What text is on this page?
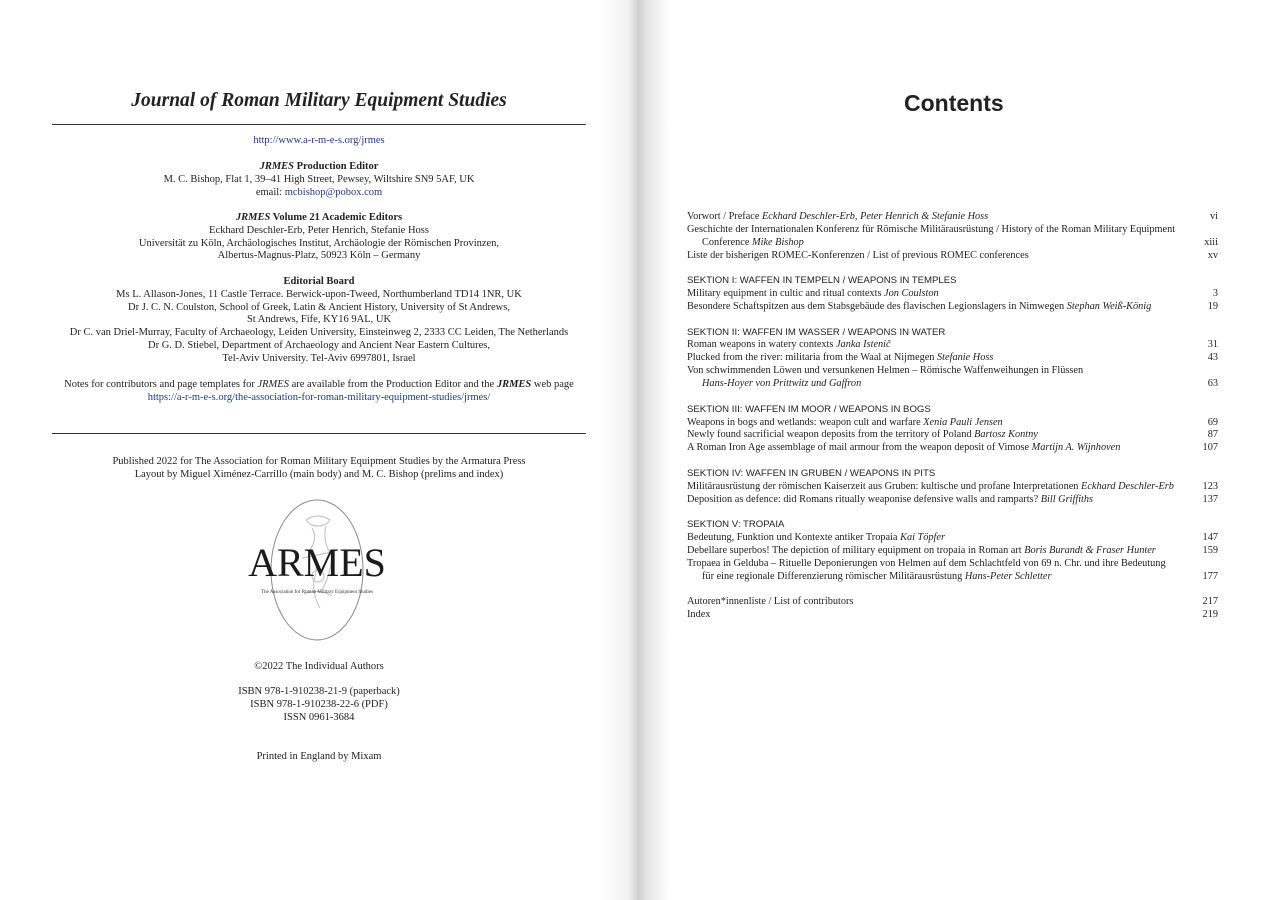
Journal of Roman Military Equipment Studies
http://www.a-r-m-e-s.org/jrmes
JRMES Production Editor
M. C. Bishop, Flat 1, 39–41 High Street, Pewsey, Wiltshire SN9 5AF, UK
email: mcbishop@pobox.com
JRMES Volume 21 Academic Editors
Eckhard Deschler-Erb, Peter Henrich, Stefanie Hoss
Universität zu Köln, Archäologisches Institut, Archäologie der Römischen Provinzen,
Albertus-Magnus-Platz, 50923 Köln – Germany
Editorial Board
Ms L. Allason-Jones, 11 Castle Terrace. Berwick-upon-Tweed, Northumberland TD14 1NR, UK
Dr J. C. N. Coulston, School of Greek, Latin & Ancient History, University of St Andrews,
St Andrews, Fife, KY16 9AL, UK
Dr C. van Driel-Murray, Faculty of Archaeology, Leiden University, Einsteinweg 2, 2333 CC Leiden, The Netherlands
Dr G. D. Stiebel, Department of Archaeology and Ancient Near Eastern Cultures,
Tel-Aviv University. Tel-Aviv 6997801, Israel
Notes for contributors and page templates for JRMES are available from the Production Editor and the JRMES web page
https://a-r-m-e-s.org/the-association-for-roman-military-equipment-studies/jrmes/
Published 2022 for The Association for Roman Military Equipment Studies by the Armatura Press
Layout by Miguel Ximénez-Carrillo (main body) and M. C. Bishop (prelims and index)
ARMES
The Association for Roman Military Equipment Studies
©2022 The Individual Authors
ISBN 978-1-910238-21-9 (paperback)
ISBN 978-1-910238-22-6 (PDF)
ISSN 0961-3684
Printed in England by Mixam
Contents
Vorwort / Preface Eckhard Deschler-Erb, Peter Henrich & Stefanie Hoss	vi
Geschichte der Internationalen Konferenz für Römische Militärausrüstung / History of the Roman Military Equipment
Conference Mike Bishop	xiii
Liste der bisherigen ROMEC-Konferenzen / List of previous ROMEC conferences	xv
SEKTION I: WAFFEN IN TEMPELN / WEAPONS IN TEMPLES
Military equipment in cultic and ritual contexts Jon Coulston	3
Besondere Schaftspitzen aus dem Stabsgebäude des flavischen Legionslagers in Nimwegen Stephan Weiß-König	19
SEKTION II: WAFFEN IM WASSER / WEAPONS IN WATER
Roman weapons in watery contexts Janka Istenič	31
Plucked from the river: militaria from the Waal at Nijmegen Stefanie Hoss	43
Von schwimmenden Löwen und versunkenen Helmen – Römische Waffenweihungen in Flüssen
Hans-Hoyer von Prittwitz und Gaffron	63
SEKTION III: WAFFEN IM MOOR / WEAPONS IN BOGS
Weapons in bogs and wetlands: weapon cult and warfare Xenia Pauli Jensen	69
Newly found sacrificial weapon deposits from the territory of Poland Bartosz Kontny	87
A Roman Iron Age assemblage of mail armour from the weapon deposit of Vimose Martijn A. Wijnhoven	107
SEKTION IV: WAFFEN IN GRUBEN / WEAPONS IN PITS
Militärausrüstung der römischen Kaiserzeit aus Gruben: kultische und profane Interpretationen Eckhard Deschler-Erb	123
Deposition as defence: did Romans ritually weaponise defensive walls and ramparts? Bill Griffiths	137
SEKTION V: TROPAIA
Bedeutung, Funktion und Kontexte antiker Tropaia Kai Töpfer	147
Debellare superbos! The depiction of military equipment on tropaia in Roman art Boris Burandt & Fraser Hunter	159
Tropaea in Gelduba – Rituelle Deponierungen von Helmen auf dem Schlachtfeld von 69 n. Chr. und ihre Bedeutung
für eine regionale Differenzierung römischer Militärausrüstung Hans-Peter Schletter	177
Autoren*innenliste / List of contributors	217
Index	219
